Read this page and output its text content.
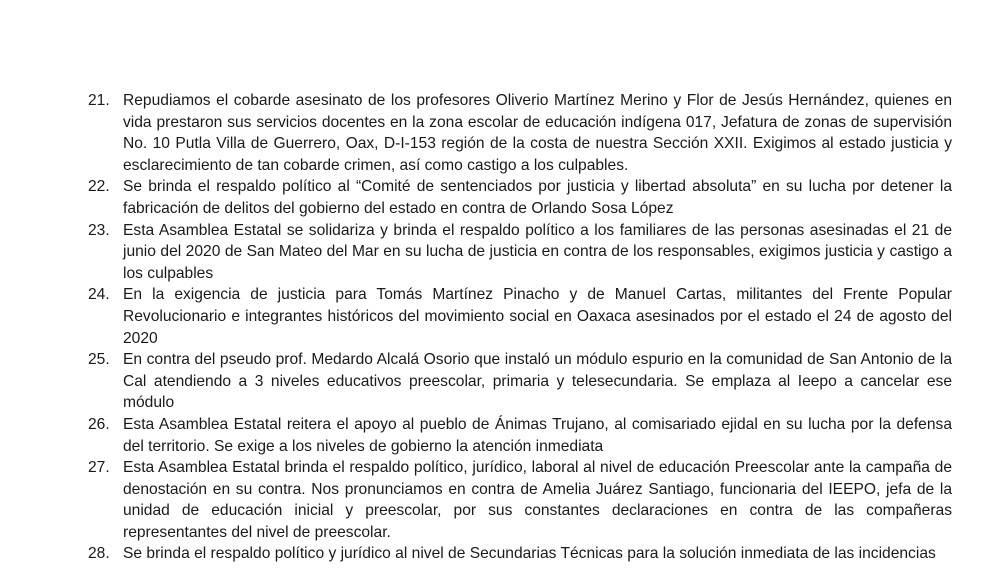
21. Repudiamos el cobarde asesinato de los profesores Oliverio Martínez Merino y Flor de Jesús Hernández, quienes en vida prestaron sus servicios docentes en la zona escolar de educación indígena 017, Jefatura de zonas de supervisión No. 10 Putla Villa de Guerrero, Oax, D-I-153 región de la costa de nuestra Sección XXII. Exigimos al estado justicia y esclarecimiento de tan cobarde crimen, así como castigo a los culpables.
22. Se brinda el respaldo político al “Comité de sentenciados por justicia y libertad absoluta” en su lucha por detener la fabricación de delitos del gobierno del estado en contra de Orlando Sosa López
23. Esta Asamblea Estatal se solidariza y brinda el respaldo político a los familiares de las personas asesinadas el 21 de junio del 2020 de San Mateo del Mar en su lucha de justicia en contra de los responsables, exigimos justicia y castigo a los culpables
24. En la exigencia de justicia para Tomás Martínez Pinacho y de Manuel Cartas, militantes del Frente Popular Revolucionario e integrantes históricos del movimiento social en Oaxaca asesinados por el estado el 24 de agosto del 2020
25. En contra del pseudo prof. Medardo Alcalá Osorio que instaló un módulo espurio en la comunidad de San Antonio de la Cal atendiendo a 3 niveles educativos preescolar, primaria y telesecundaria. Se emplaza al Ieepo a cancelar ese módulo
26. Esta Asamblea Estatal reitera el apoyo al pueblo de Ánimas Trujano, al comisariado ejidal en su lucha por la defensa del territorio. Se exige a los niveles de gobierno la atención inmediata
27. Esta Asamblea Estatal brinda el respaldo político, jurídico, laboral al nivel de educación Preescolar ante la campaña de denostación en su contra. Nos pronunciamos en contra de Amelia Juárez Santiago, funcionaria del IEEPO, jefa de la unidad de educación inicial y preescolar, por sus constantes declaraciones en contra de las compañeras representantes del nivel de preescolar.
28. Se brinda el respaldo político y jurídico al nivel de Secundarias Técnicas para la solución inmediata de las incidencias
